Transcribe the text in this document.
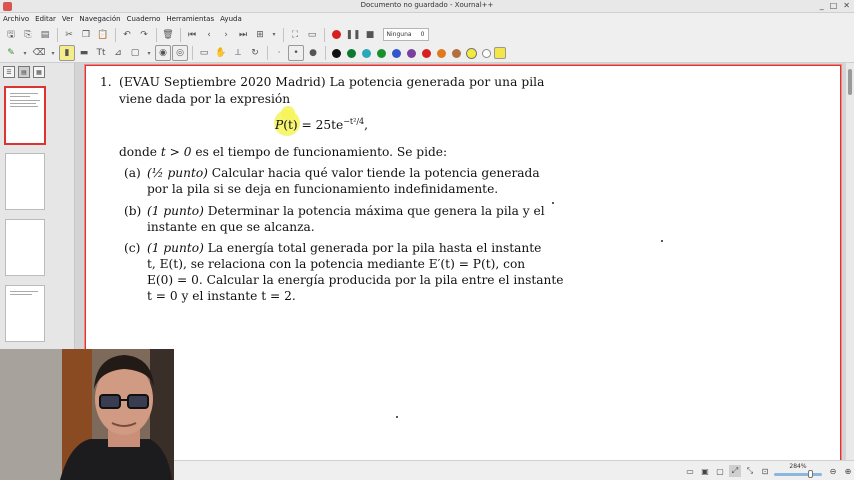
Documento no guardado - Xournal++	_ □ ✕
Archivo Editar Ver Navegación Cuaderno Herramientas Ayuda
🖫	⎘	▤	✂	❐ 📋	↶	↷	🗑	⏮	‹	›	⏭	⊞	▾	⛶	▭	❚❚ ■	Ninguna 0
✎	▾ ⌫	▾	▮	▬ Tt ⊿ ▢	▾ ◉	◎	▭ ✋ ⟂	↻	·	•	●
☰	▤	▦
1. (EVAU Septiembre 2020 Madrid) La potencia generada por una pila
viene dada por la expresión
$P(t) = 25te^{-t^2/4}$,
donde t > 0 es el tiempo de funcionamiento. Se pide:
(a) (½ punto) Calcular hacia qué valor tiende la potencia generada
por la pila si se deja en funcionamiento indefinidamente.
(b) (1 punto) Determinar la potencia máxima que genera la pila y el
instante en que se alcanza.
(c) (1 punto) La energía total generada por la pila hasta el instante
t, E(t), se relaciona con la potencia mediante E′(t) = P(t), con
E(0) = 0. Calcular la energía producida por la pila entre el instante
t = 0 y el instante t = 2.
▭ ▣ ▢	⤢	⤡	⊡	284%	⊖	⊕
